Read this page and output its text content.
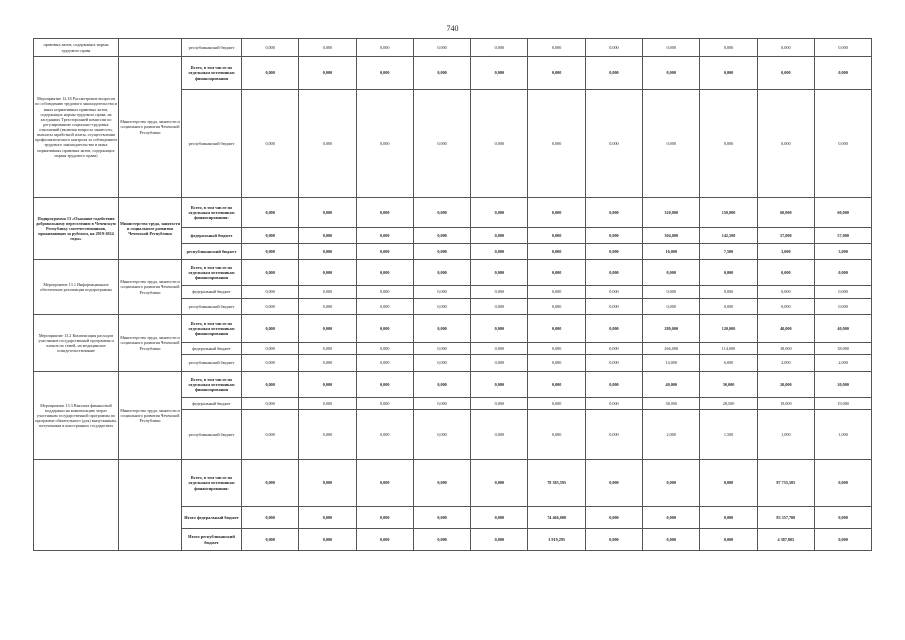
740
правовых актов, содержащих нормы трудового права		республиканский бюджет	0,000	0,000	0,000	0,000	0,000	0,000	0,000	0,000	0,000	0,000	0,000
Мероприятие 12.18 Рассмотрение вопросов по соблюдению трудового законодательства и иных нормативных правовых актов, содержащих нормы трудового права, на заседаниях Трехсторонней комиссии по регулированию социально-трудовых отношений (включая вопросы занятости, выплаты заработной платы, осуществления профилактического контроля за соблюдением трудового законодательства и иных нормативных правовых актов, содержащих нормы трудового права)	Министерство труда, занятости и социального развития Чеченской Республики	Всего, в том числе по отдельным источникам финансирования	0,000	0,000	0,000	0,000	0,000	0,000	0,000	0,000	0,000	0,000	0,000
		республиканский бюджет	0,000	0,000	0,000	0,000	0,000	0,000	0,000	0,000	0,000	0,000	0,000
Подпрограмма 13 «Оказание содействия добровольному переселению в Чеченскую Республику соотечественников, проживающих за рубежом, на 2019-2024 годы»	Министерство труда, занятости и социального развития Чеченской Республики	Всего, в том числе по отдельным источникам финансирования:	0,000	0,000	0,000	0,000	0,000	0,000	0,000	320,000	150,000	60,000	60,000
		федеральный бюджет	0,000	0,000	0,000	0,000	0,000	0,000	0,000	304,000	142,500	57,000	57,000
		республиканский бюджет	0,000	0,000	0,000	0,000	0,000	0,000	0,000	16,000	7,500	3,000	3,000
Мероприятие 13.1 Информационное обеспечение реализации подпрограммы	Министерство труда, занятости и социального развития Чеченской Республики	Всего, в том числе по отдельным источникам финансирования	0,000	0,000	0,000	0,000	0,000	0,000	0,000	0,000	0,000	0,000	0,000
		федеральный бюджет	0,000	0,000	0,000	0,000	0,000	0,000	0,000	0,000	0,000	0,000	0,000
		республиканский бюджет	0,000	0,000	0,000	0,000	0,000	0,000	0,000	0,000	0,000	0,000	0,000
Мероприятие 13.2 Компенсация расходов участников государственной программы и членов их семей, на медицинское освидетельствование	Министерство труда, занятости и социального развития Чеченской Республики	Всего, в том числе по отдельным источникам финансирования	0,000	0,000	0,000	0,000	0,000	0,000	0,000	280,000	120,000	40,000	40,000
		федеральный бюджет	0,000	0,000	0,000	0,000	0,000	0,000	0,000	266,000	114,000	38,000	38,000
		республиканский бюджет	0,000	0,000	0,000	0,000	0,000	0,000	0,000	14,000	6,000	2,000	2,000
Мероприятие 13.3 Выплата финансовой поддержки на компенсацию затрат участникам государственной программы по программе обязательного (для) выпускникам, полученным в иностранных государствах	Министерство труда, занятости и социального развития Чеченской Республики	Всего, в том числе по отдельным источникам финансирования	0,000	0,000	0,000	0,000	0,000	0,000	0,000	40,000	30,000	20,000	20,000
		федеральный бюджет	0,000	0,000	0,000	0,000	0,000	0,000	0,000	38,000	28,500	19,000	19,000
		республиканский бюджет	0,000	0,000	0,000	0,000	0,000	0,000	0,000	2,000	1,500	1,000	1,000
		Всего, в том числе по отдельным источникам финансирования:	0,000	0,000	0,000	0,000	0,000	78 385,595	0,000	0,000	0,000	87 755,505	0,000
		Итого федеральный бюджет	0,000	0,000	0,000	0,000	0,000	74 466,000	0,000	0,000	0,000	83 357,700	0,000
		Итого республиканский бюджет	0,000	0,000	0,000	0,000	0,000	3 919,295	0,000	0,000	0,000	4 387,805	0,000
